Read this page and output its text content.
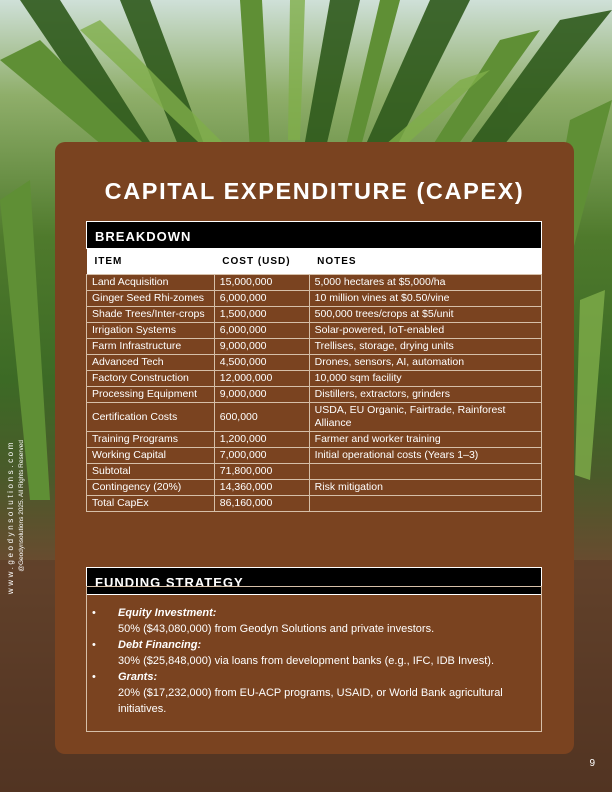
CAPITAL EXPENDITURE (CAPEX)
BREAKDOWN
ITEM	COST (USD)	NOTES
Land Acquisition	15,000,000	5,000 hectares at $5,000/ha
Ginger Seed Rhi-zomes	6,000,000	10 million vines at $0.50/vine
Shade Trees/Inter-crops	1,500,000	500,000 trees/crops at $5/unit
Irrigation Systems	6,000,000	Solar-powered, IoT-enabled
Farm Infrastructure	9,000,000	Trellises, storage, drying units
Advanced Tech	4,500,000	Drones, sensors, AI, automation
Factory Construction	12,000,000	10,000 sqm facility
Processing Equipment	9,000,000	Distillers, extractors, grinders
Certification Costs	600,000	USDA, EU Organic, Fairtrade, Rainforest Alliance
Training Programs	1,200,000	Farmer and worker training
Working Capital	7,000,000	Initial operational costs (Years 1–3)
Subtotal	71,800,000	
Contingency (20%)	14,360,000	Risk mitigation
Total CapEx	86,160,000	
FUNDING STRATEGY
• Equity Investment:
50% ($43,080,000) from Geodyn Solutions and private investors.
• Debt Financing:
30% ($25,848,000) via loans from development banks (e.g., IFC, IDB Invest).
• Grants:
20% ($17,232,000) from EU-ACP programs, USAID, or World Bank agricultural initiatives.
www.geodynsolutions.com @Geodynsolutions 2025. All Rights Reserved
9
